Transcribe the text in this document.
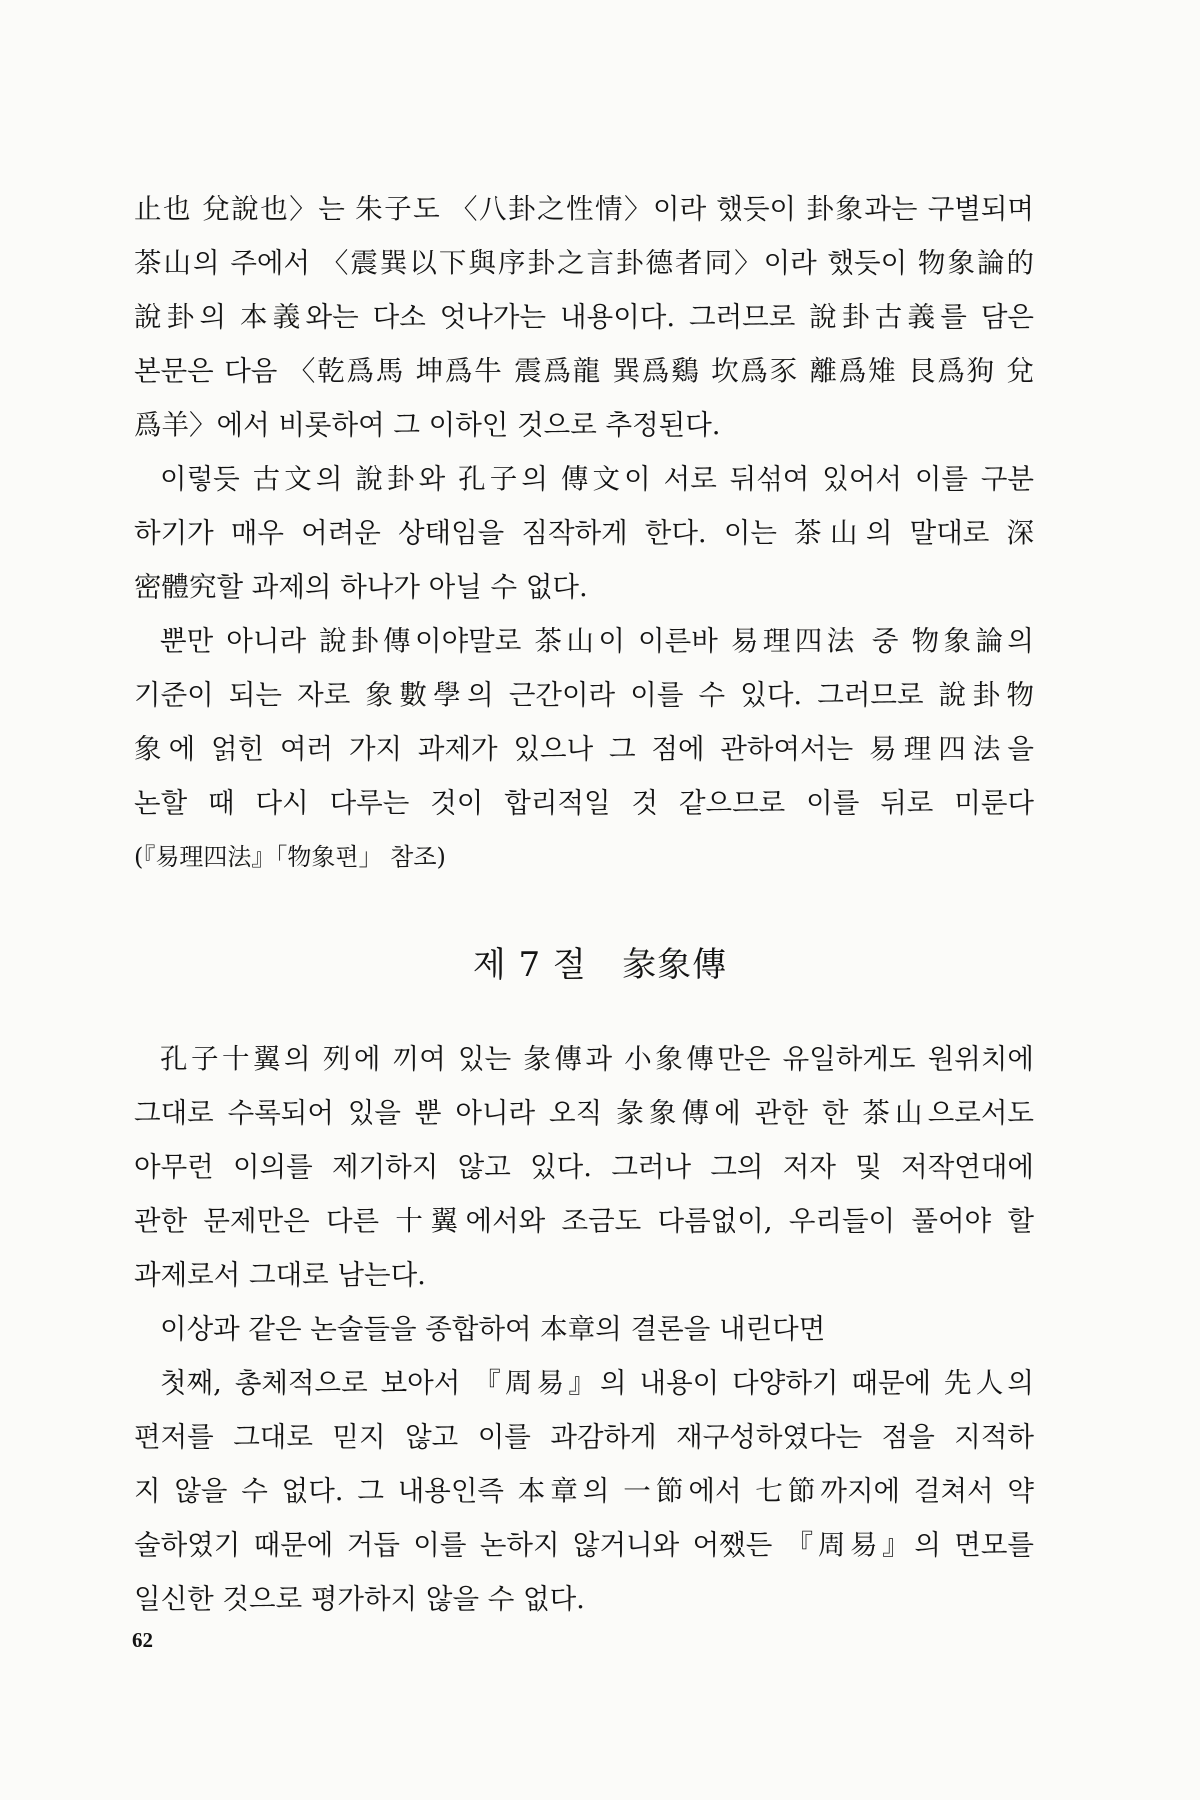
止也 兌說也〉는 朱子도 〈八卦之性情〉이라 했듯이 卦象과는 구별되며
茶山의 주에서 〈震巽以下與序卦之言卦德者同〉이라 했듯이 物象論的
說卦의 本義와는 다소 엇나가는 내용이다. 그러므로 說卦古義를 담은
본문은 다음 〈乾爲馬 坤爲牛 震爲龍 巽爲鷄 坎爲豕 離爲雉 艮爲狗 兌
爲羊〉에서 비롯하여 그 이하인 것으로 추정된다.
이렇듯 古文의 說卦와 孔子의 傳文이 서로 뒤섞여 있어서 이를 구분
하기가 매우 어려운 상태임을 짐작하게 한다. 이는 茶山의 말대로 深
密體究할 과제의 하나가 아닐 수 없다.
뿐만 아니라 說卦傳이야말로 茶山이 이른바 易理四法 중 物象論의
기준이 되는 자로 象數學의 근간이라 이를 수 있다. 그러므로 說卦物
象에 얽힌 여러 가지 과제가 있으나 그 점에 관하여서는 易理四法을
논할 때 다시 다루는 것이 합리적일 것 같으므로 이를 뒤로 미룬다
(『易理四法』「物象편」 참조)
제 7 절   彖象傳
孔子十翼의 列에 끼여 있는 彖傳과 小象傳만은 유일하게도 원위치에
그대로 수록되어 있을 뿐 아니라 오직 彖象傳에 관한 한 茶山으로서도
아무런 이의를 제기하지 않고 있다. 그러나 그의 저자 및 저작연대에
관한 문제만은 다른 十翼에서와 조금도 다름없이, 우리들이 풀어야 할
과제로서 그대로 남는다.
이상과 같은 논술들을 종합하여 本章의 결론을 내린다면
첫째, 총체적으로 보아서 『周易』의 내용이 다양하기 때문에 先人의
편저를 그대로 믿지 않고 이를 과감하게 재구성하였다는 점을 지적하
지 않을 수 없다. 그 내용인즉 本章의 一節에서 七節까지에 걸쳐서 약
술하였기 때문에 거듭 이를 논하지 않거니와 어쨌든 『周易』의 면모를
일신한 것으로 평가하지 않을 수 없다.
62
